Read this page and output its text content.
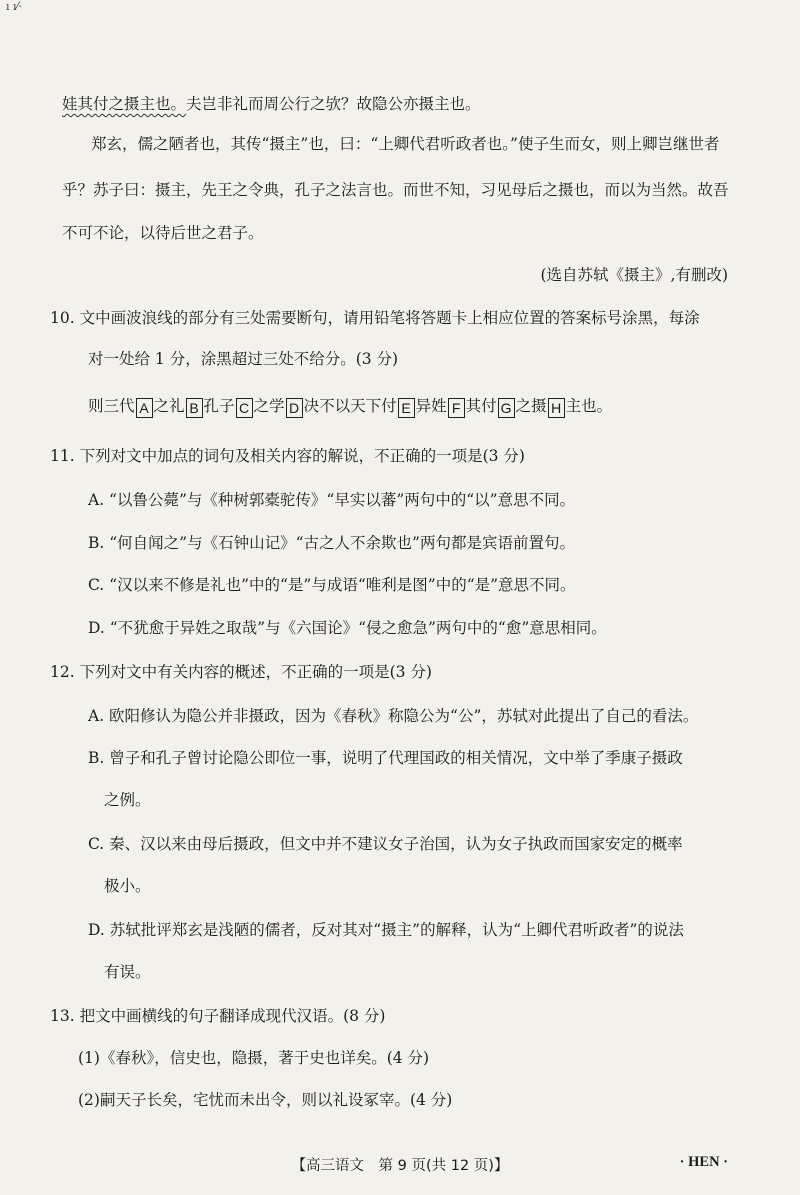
ı ı⁄·
娃其付之摄主也。夫岂非礼而周公行之欤？故隐公亦摄主也。
郑玄，儒之陋者也，其传“摄主”也，曰：“上卿代君听政者也。”使子生而女，则上卿岂继世者
乎？苏子曰：摄主，先王之令典，孔子之法言也。而世不知，习见母后之摄也，而以为当然。故吾
不可不论，以待后世之君子。
(选自苏轼《摄主》,有删改)
10. 文中画波浪线的部分有三处需要断句，请用铅笔将答题卡上相应位置的答案标号涂黑，每涂
对一处给 1 分，涂黑超过三处不给分。(3 分)
则三代 A 之礼 B 孔子 C 之学 D 决不以天下付 E 异姓 F 其付 G 之摄 H 主也。
11. 下列对文中加点的词句及相关内容的解说，不正确的一项是(3 分)
A. “以鲁公薨”与《种树郭橐驼传》“早实以蕃”两句中的“以”意思不同。
B. “何自闻之”与《石钟山记》“古之人不余欺也”两句都是宾语前置句。
C. “汉以来不修是礼也”中的“是”与成语“唯利是图”中的“是”意思不同。
D. “不犹愈于异姓之取哉”与《六国论》“侵之愈急”两句中的“愈”意思相同。
12. 下列对文中有关内容的概述，不正确的一项是(3 分)
A. 欧阳修认为隐公并非摄政，因为《春秋》称隐公为“公”，苏轼对此提出了自己的看法。
B. 曾子和孔子曾讨论隐公即位一事，说明了代理国政的相关情况，文中举了季康子摄政
之例。
C. 秦、汉以来由母后摄政，但文中并不建议女子治国，认为女子执政而国家安定的概率
极小。
D. 苏轼批评郑玄是浅陋的儒者，反对其对“摄主”的解释，认为“上卿代君听政者”的说法
有误。
13. 把文中画横线的句子翻译成现代汉语。(8 分)
(1)《春秋》，信史也，隐摄，著于史也详矣。(4 分)
(2)嗣天子长矣，宅忧而未出令，则以礼设冢宰。(4 分)
【高三语文　第 9 页(共 12 页)】	· HEN ·
